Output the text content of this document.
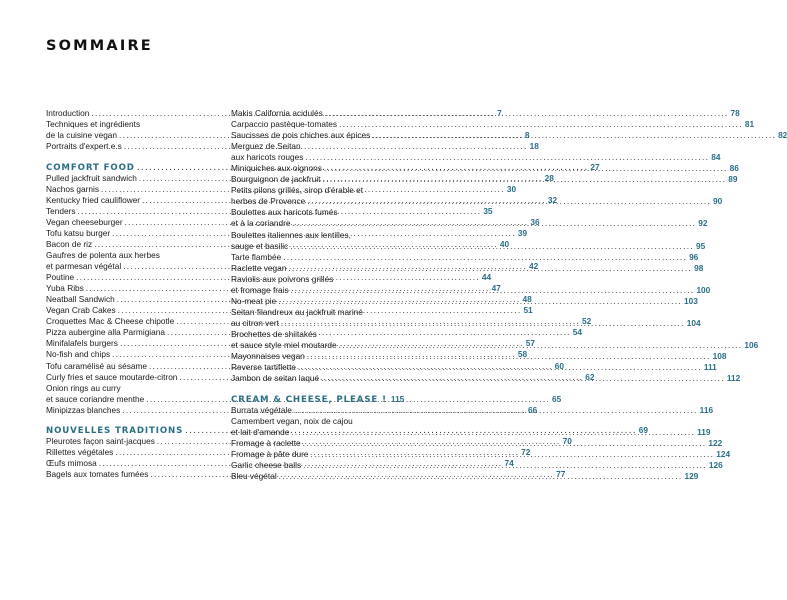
SOMMAIRE
Introduction .....	7
Techniques et ingrédients
de la cuisine vegan .....	8
Portraits d'expert.e.s .....	18
COMFORT FOOD .....	27
Pulled jackfruit sandwich .....	28
Nachos garnis .....	30
Kentucky fried cauliflower .....	32
Tenders .....	35
Vegan cheeseburger .....	36
Tofu katsu burger .....	39
Bacon de riz .....	40
Gaufres de polenta aux herbes
et parmesan végétal .....	42
Poutine .....	44
Yuba Ribs .....	47
Neatball Sandwich .....	48
Vegan Crab Cakes .....	51
Croquettes Mac & Cheese chipotle .....	52
Pizza aubergine alla Parmigiana .....	54
Minifalafels burgers .....	57
No-fish and chips .....	58
Tofu caramélisé au sésame .....	60
Curly fries et sauce moutarde-citron .....	62
Onion rings au curry
et sauce coriandre menthe .....	65
Minipizzas blanches .....	66
NOUVELLES TRADITIONS .....	69
Pleurotes façon saint-jacques .....	70
Rillettes végétales .....	72
Œufs mimosa .....	74
Bagels aux tomates fumées .....	77
Makis California acidulés .....	78
Carpaccio pastèque-tomates .....	81
Saucisses de pois chiches aux épices .....	82
Merguez de Seitan
aux haricots rouges .....	84
Miniquiches aux oignons .....	86
Bourguignon de jackfruit .....	89
Petits pilons grillés, sirop d'érable et
herbes de Provence .....	90
Boulettes aux haricots fumés
et à la coriandre .....	92
Boulettes italiennes aux lentilles,
sauge et basilic .....	95
Tarte flambée .....	96
Raclette vegan .....	98
Raviolis aux poivrons grillés
et fromage frais .....	100
No-meat pie .....	103
Seitan filandreux au jackfruit mariné
au citron vert .....	104
Brochettes de shiitakés
et sauce style miel moutarde .....	106
Mayonnaises vegan .....	108
Reverse tartiflette .....	111
Jambon de seitan laqué .....	112
CREAM & CHEESE, PLEASE ! 115
Burrata végétale .....	116
Camembert vegan, noix de cajou
et lait d'amande .....	119
Fromage à raclette .....	122
Fromage à pâte dure .....	124
Garlic cheese balls .....	126
Bleu végétal .....	129
